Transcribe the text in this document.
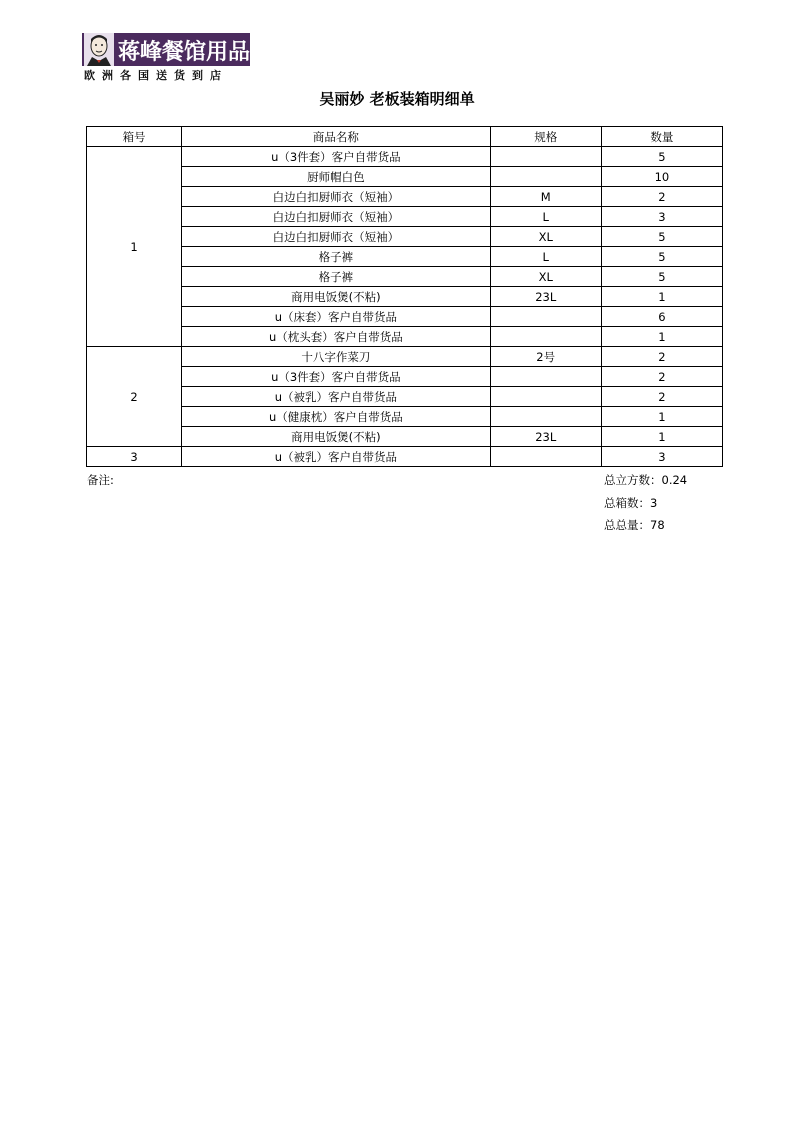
蒋峰餐馆用品
欧洲各国送货到店
吴丽妙 老板装箱明细单
箱号	商品名称	规格	数量
1	u（3件套）客户自带货品		5
	厨师帽白色		10
	白边白扣厨师衣（短袖）	M	2
	白边白扣厨师衣（短袖）	L	3
	白边白扣厨师衣（短袖）	XL	5
	格子裤	L	5
	格子裤	XL	5
	商用电饭煲(不粘)	23L	1
	u（床套）客户自带货品		6
	u（枕头套）客户自带货品		1
2	十八字作菜刀	2号	2
	u（3件套）客户自带货品		2
	u（被乳）客户自带货品		2
	u（健康枕）客户自带货品		1
	商用电饭煲(不粘)	23L	1
3	u（被乳）客户自带货品		3
备注:	总立方数：0.24
总箱数：3
总总量：78
